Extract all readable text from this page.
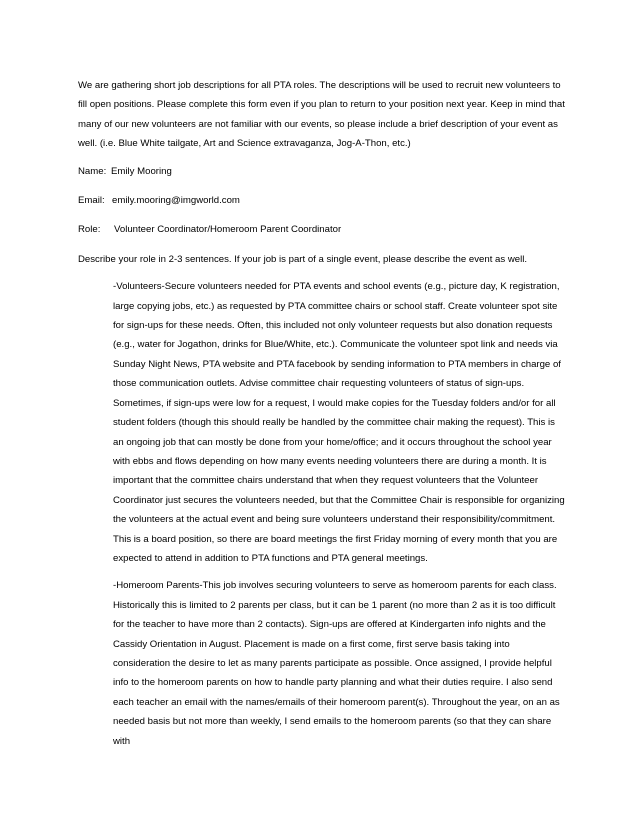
We are gathering short job descriptions for all PTA roles. The descriptions will be used to recruit new volunteers to fill open positions. Please complete this form even if you plan to return to your position next year. Keep in mind that many of our new volunteers are not familiar with our events, so please include a brief description of your event as well. (i.e. Blue White tailgate, Art and Science extravaganza, Jog-A-Thon, etc.)

Name: Emily Mooring
Email: emily.mooring@imgworld.com
Role:	Volunteer Coordinator/Homeroom Parent Coordinator

Describe your role in 2-3 sentences. If your job is part of a single event, please describe the event as well.

-Volunteers-Secure volunteers needed for PTA events and school events (e.g., picture day, K registration, large copying jobs, etc.) as requested by PTA committee chairs or school staff. Create volunteer spot site for sign-ups for these needs. Often, this included not only volunteer requests but also donation requests (e.g., water for Jogathon, drinks for Blue/White, etc.). Communicate the volunteer spot link and needs via Sunday Night News, PTA website and PTA facebook by sending information to PTA members in charge of those communication outlets. Advise committee chair requesting volunteers of status of sign-ups. Sometimes, if sign-ups were low for a request, I would make copies for the Tuesday folders and/or for all student folders (though this should really be handled by the committee chair making the request). This is an ongoing job that can mostly be done from your home/office; and it occurs throughout the school year with ebbs and flows depending on how many events needing volunteers there are during a month. It is important that the committee chairs understand that when they request volunteers that the Volunteer Coordinator just secures the volunteers needed, but that the Committee Chair is responsible for organizing the volunteers at the actual event and being sure volunteers understand their responsibility/commitment. This is a board position, so there are board meetings the first Friday morning of every month that you are expected to attend in addition to PTA functions and PTA general meetings.

-Homeroom Parents-This job involves securing volunteers to serve as homeroom parents for each class. Historically this is limited to 2 parents per class, but it can be 1 parent (no more than 2 as it is too difficult for the teacher to have more than 2 contacts). Sign-ups are offered at Kindergarten info nights and the Cassidy Orientation in August. Placement is made on a first come, first serve basis taking into consideration the desire to let as many parents participate as possible. Once assigned, I provide helpful info to the homeroom parents on how to handle party planning and what their duties require. I also send each teacher an email with the names/emails of their homeroom parent(s). Throughout the year, on an as needed basis but not more than weekly, I send emails to the homeroom parents (so that they can share with
